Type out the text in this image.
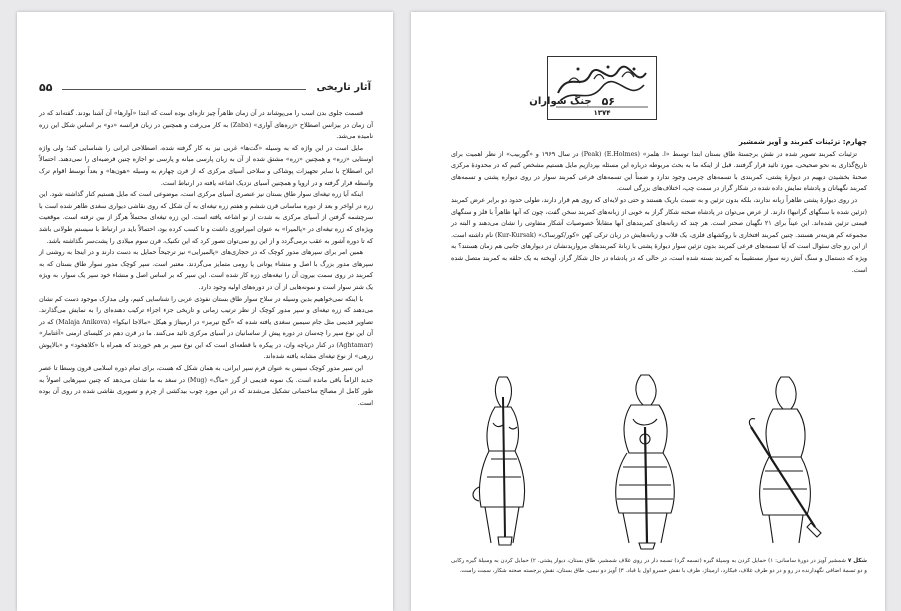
آثار تاریخی
۵۵

قسمت جلوی بدن اسب را می‌پوشاند در آن زمان ظاهراً چیز تازه‌ای بوده است که ابتدا «آوارها» آن آشنا بودند. گفته‌اند که در آن زمان در بیزانس اصطلاح «زره‌های آواری» (Zaba) به کار می‌رفت و همچنین در زبان فرانسه «دو» بر اساس شکل این زره نامیده می‌شد.

مایل است در این واژه که به وسیله «گت‌ها» غربی نیز به کار گرفته شده، اصطلاحی ایرانی را شناسایی کند؛ ولی واژه اوستایی «زره» و همچنین «زره» مشتق شده از آن به زبان پارسی میانه و پارسی نو اجازه چنین فرضیه‌ای را نمی‌دهند. احتمالاً این اصطلاح با سایر تجهیزات پوشاکی و سلاحی آسیای مرکزی که از قرن چهارم به وسیله «هون‌ها» و بعداً توسط اقوام ترک واسطه قرار گرفته و در اروپا و همچنین آسیای نزدیک اشاعه یافته در ارتباط است.

اینکه آیا زره تیغه‌ای سوار طاق بستان نیز عنصری آسیای مرکزی است، موضوعی است که مایل هستیم کنار گذاشته شود. این زره در اواخر و بعد از دوره ساسانی قرن ششم و هفتم زره تیغه‌ای به آن شکل که روی نقاشی دیواری سغدی ظاهر شده است با سرچشمه گرفتن از آسیای مرکزی به شدت از نو اشاعه یافته است. این زره تیغه‌ای محتملاً هرگز از بین نرفته است. موقعیت ویژه‌ای که زره تیغه‌ای در «پالمیرا» به عنوان امپراتوری داشت و تا کسب کرده بود، احتمالاً باید در ارتباط با سیستم طولانی باشد که تا دوره آشور به عقب برمی‌گردد و از این رو نمی‌توان تصور کرد که این تکنیک، قرن سوم میلادی را پشت‌سر نگذاشته باشد.

همین امر برای سپرهای مدور کوچک که در حجاری‌های «پالمیرایی» نیز ترجیحاً حمایل به دست دارند و در اینجا به روشنی از سپرهای مدور بزرگ با اصل و منشاء یونانی یا رومی متمایز می‌گردند. معتبر است. سپر کوچک مدور سوار طاق بستان که به کمربند در روی سمت بیرون آن را تیغه‌های زره کار شده است. این سپر که بر اساس اصل و منشاء خود سپر یک سوار، به ویژه یک شتر سوار است و نمونه‌هایی از آن در دوره‌های اولیه وجود دارد.

با اینکه نمی‌خواهیم بدین وسیله در سلاح سوار طاق بستان نفوذی عربی را شناسایی کنیم، ولی مدارک موجود دست کم نشان می‌دهند که زره تیغه‌ای و سپر مدور کوچک از نظر ترتیب زمانی و تاریخی جزء اجزاء ترکیب دهنده‌ای را به نمایش می‌گذارند. تصاویر قدیمی مثل جام سیمین سغدی یافته شده که «گنج تیرمز» در ارمیتاژ و هیکل «مالاجا انیکوا» (Malaja Anikova) که در آن این نوع سپر را چه‌سان در دوره پیش از ساسانیان در آسیای مرکزی تائید می‌کنند. ما در قرن دهم در کلیسای ارمنی «آغتامار» (Aghtamar) در کنار دریاچه وان، در پیکره با قطعه‌ای است که این نوع سپر بر هم خوردند که همراه با «کلاهخود» و «بالاپوش زرهی» از نوع تیغه‌ای مشابه یافته شده‌اند.

این سپر مدور کوچک سپس به عنوان فرم سپر ایرانی، به همان شکل که هست، برای تمام دوره اسلامی قرون وسطا تا عصر جدید الزاماً باقی مانده است. یک نمونه قدیمی از گرز «ماگ» (Mug) در سغد به ما نشان می‌دهد که چنین سپرهایی اصولاً به طور کامل از مصالح ساختمانی تشکیل می‌شدند که در این مورد چوب بیدکشی از چرم و تصویری نقاشی شده در روی آن بوده است.

۱۳۷۴
۵۶
جنگ سواران

چهارم: تزئینات کمربند و آویز شمشیر

تزئینات کمربند تصویر شده در نقش برجستهٔ طاق بستان ابتدا توسط «ا. هلمز» (E.Holmes) (Peak) در سال ۱۹۶۹ و «گوربیب» از نظر اهمیت برای تاریخ‌گذاری به نحو صحیحی، مورد تائید قرار گرفتند. قبل از اینکه ما به بحث مربوطه درباره این مسئله بپردازیم مایل هستیم مشخص کنیم که در محدودهٔ مرکزی صحنهٔ بخشیدن دیهیم در دیوارهٔ پشتی، کمربندی با تسمه‌های چرمی وجود ندارد و ضمناً این تسمه‌های فرعی کمربند سوار در روی دیواره پشتی و تسمه‌های کمربند نگهبانان و پادشاه نمایش داده شده در شکار گراز در سمت چپ، اختلاف‌های بزرگی است.

در روی دیوارهٔ پشتی ظاهراً زبانه ندارند، بلکه بدون تزئین و به نسبت باریک هستند و حتی دو لایه‌ای که روی هم قرار دارند، طولی حدود دو برابر عرض کمربند (تزئین شده با سنگهای گرانبها) دارند. از عرض می‌توان در پادشاه صحنه شکار گراز به خوبی از زبانه‌های کمربند سخن گفت، چون که آنها ظاهراً با فلز و سنگهای قیمتی تزئین شده‌اند. این عیناً برای ۲۱ نگهبان صحتر است. هر چند که زبانه‌های کمربندهای آنها متقابلاً خصوصیات آشکار متفاوتی را نشان می‌دهند و البته در مجموعه کم هزینه‌تر هستند. چنین کمربند افتخاری با روکشهای فلزی، یک قلاب و زبانه‌هایش در زبان ترکی کهن «کور/کورساک» (Kur-Kursak) نام داشته است. از این رو جای سئوال است که آیا تسمه‌های فرعی کمربند بدون تزئین سوار دیوارهٔ پشتی با زبانهٔ کمربندهای مرواریدنشان در دیوارهای جانبی هم زمان هستند؟ به ویژه که دستمال و سنگ آتش زنه سوار مستقیماً به کمربند بسته شده است، در حالی که در پادشاه در حال شکار گراز، آویخته به یک حلقه به کمربند متصل شده است.

شکل ۷ شمشیر آویز در دورهٔ ساسانی: ۱) حمایل کردن به وسیلهٔ گیره (تسمه گرد) تسمه دار در روی غلاف شمشیر، طاق بستان، دیوار پشتی. ۲) حمایل کردن به وسیلهٔ گیره رکابی و دو تسمهٔ اضافی نگهدارنده در رو و در دو طرف غلاف، فیکارد، ارمیتاژ، ظرف با نقش خسرو اول یا قباد. ۳) آویز دو نیمی، طاق بستان، نقش برجسته صحنه شکار، سمت راست.
